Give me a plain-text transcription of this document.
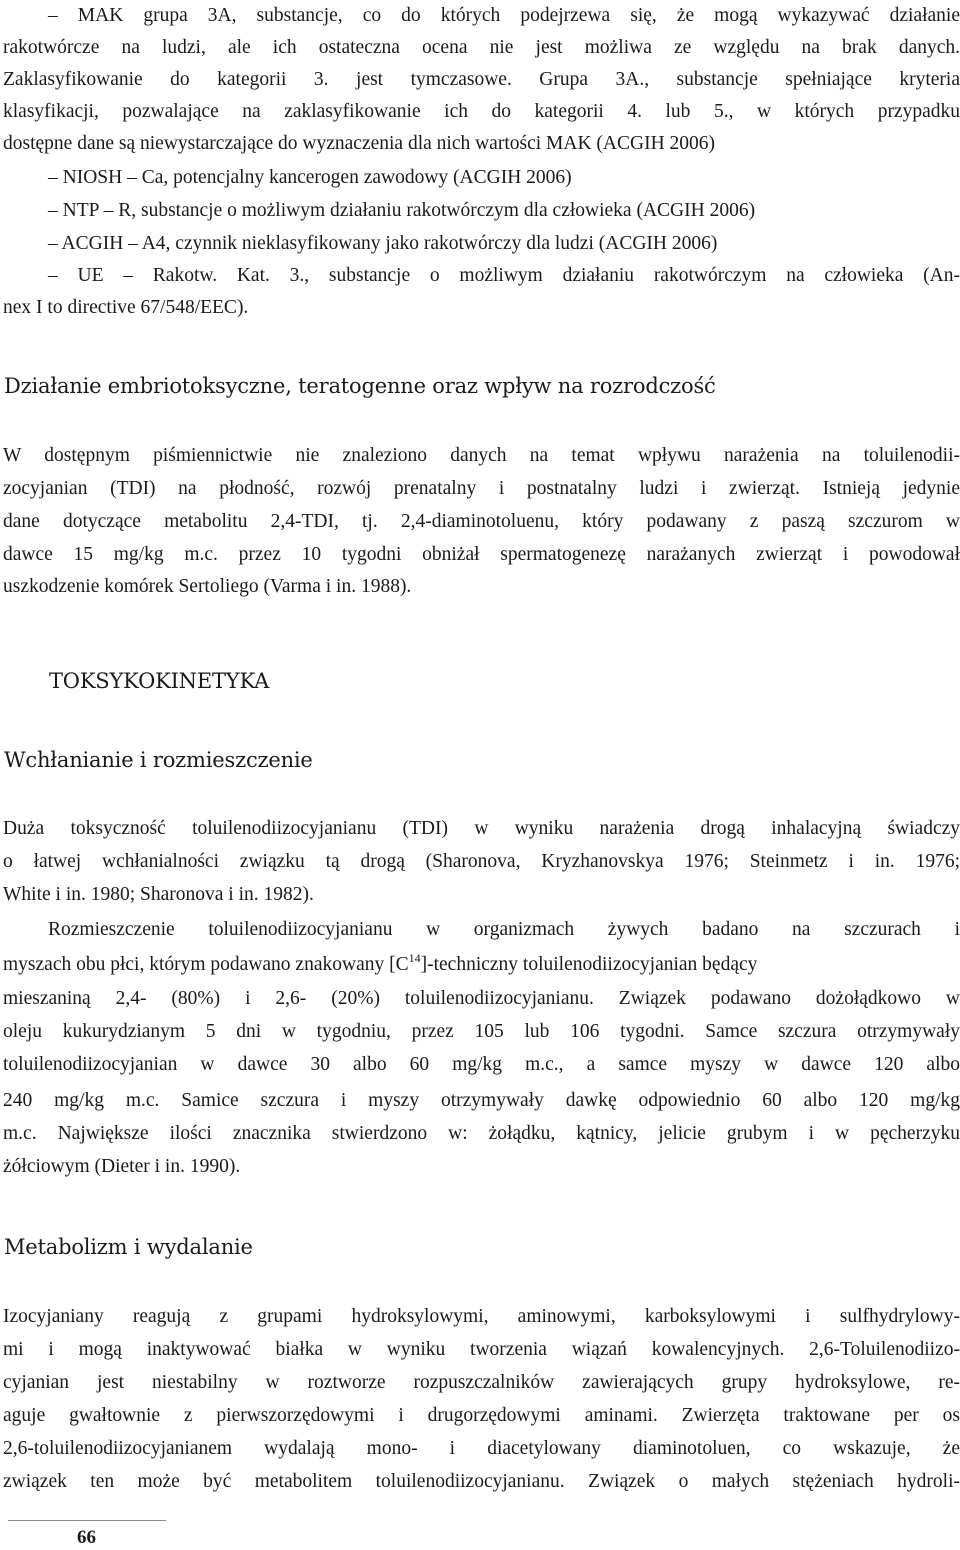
– MAK grupa 3A, substancje, co do których podejrzewa się, że mogą wykazywać działanie
rakotwórcze na ludzi, ale ich ostateczna ocena nie jest możliwa ze względu na brak danych.
Zaklasyfikowanie do kategorii 3. jest tymczasowe. Grupa 3A., substancje spełniające kryteria
klasyfikacji, pozwalające na zaklasyfikowanie ich do kategorii 4. lub 5., w których przypadku
dostępne dane są niewystarczające do wyznaczenia dla nich wartości MAK (ACGIH 2006)
– NIOSH – Ca, potencjalny kancerogen zawodowy (ACGIH 2006)
– NTP – R, substancje o możliwym działaniu rakotwórczym dla człowieka (ACGIH 2006)
– ACGIH – A4, czynnik nieklasyfikowany jako rakotwórczy dla ludzi (ACGIH 2006)
– UE – Rakotw. Kat. 3., substancje o możliwym działaniu rakotwórczym na człowieka (An-
nex I to directive 67/548/EEC).
Działanie embriotoksyczne, teratogenne oraz wpływ na rozrodczość
W dostępnym piśmiennictwie nie znaleziono danych na temat wpływu narażenia na toluilenodii-
zocyjanian (TDI) na płodność, rozwój prenatalny i postnatalny ludzi i zwierząt. Istnieją jedynie
dane dotyczące metabolitu 2,4-TDI, tj. 2,4-diaminotoluenu, który podawany z paszą szczurom w
dawce 15 mg/kg m.c. przez 10 tygodni obniżał spermatogenezę narażanych zwierząt i powodował
uszkodzenie komórek Sertoliego (Varma i in. 1988).
TOKSYKOKINETYKA
Wchłanianie i rozmieszczenie
Duża toksyczność toluilenodiizocyjanianu (TDI) w wyniku narażenia drogą inhalacyjną świadczy
o łatwej wchłanialności związku tą drogą (Sharonova, Kryzhanovskya 1976; Steinmetz i in. 1976;
White i in. 1980; Sharonova i in. 1982).
Rozmieszczenie toluilenodiizocyjanianu w organizmach żywych badano na szczurach i
myszach obu płci, którym podawano znakowany $[C^{14}]$-techniczny toluilenodiizocyjanian będący
mieszaniną 2,4- (80%) i 2,6- (20%) toluilenodiizocyjanianu. Związek podawano dożołądkowo w
oleju kukurydzianym 5 dni w tygodniu, przez 105 lub 106 tygodni. Samce szczura otrzymywały
toluilenodiizocyjanian w dawce 30 albo 60 mg/kg m.c., a samce myszy w dawce 120 albo
240 mg/kg m.c. Samice szczura i myszy otrzymywały dawkę odpowiednio 60 albo 120 mg/kg
m.c. Największe ilości znacznika stwierdzono w: żołądku, kątnicy, jelicie grubym i w pęcherzyku
żółciowym (Dieter i in. 1990).
Metabolizm i wydalanie
Izocyjaniany reagują z grupami hydroksylowymi, aminowymi, karboksylowymi i sulfhydrylowy-
mi i mogą inaktywować białka w wyniku tworzenia wiązań kowalencyjnych. 2,6-Toluilenodiizo-
cyjanian jest niestabilny w roztworze rozpuszczalników zawierających grupy hydroksylowe, re-
aguje gwałtownie z pierwszorzędowymi i drugorzędowymi aminami. Zwierzęta traktowane per os
2,6-toluilenodiizocyjanianem wydalają mono- i diacetylowany diaminotoluen, co wskazuje, że
związek ten może być metabolitem toluilenodiizocyjanianu. Związek o małych stężeniach hydroli-
66
